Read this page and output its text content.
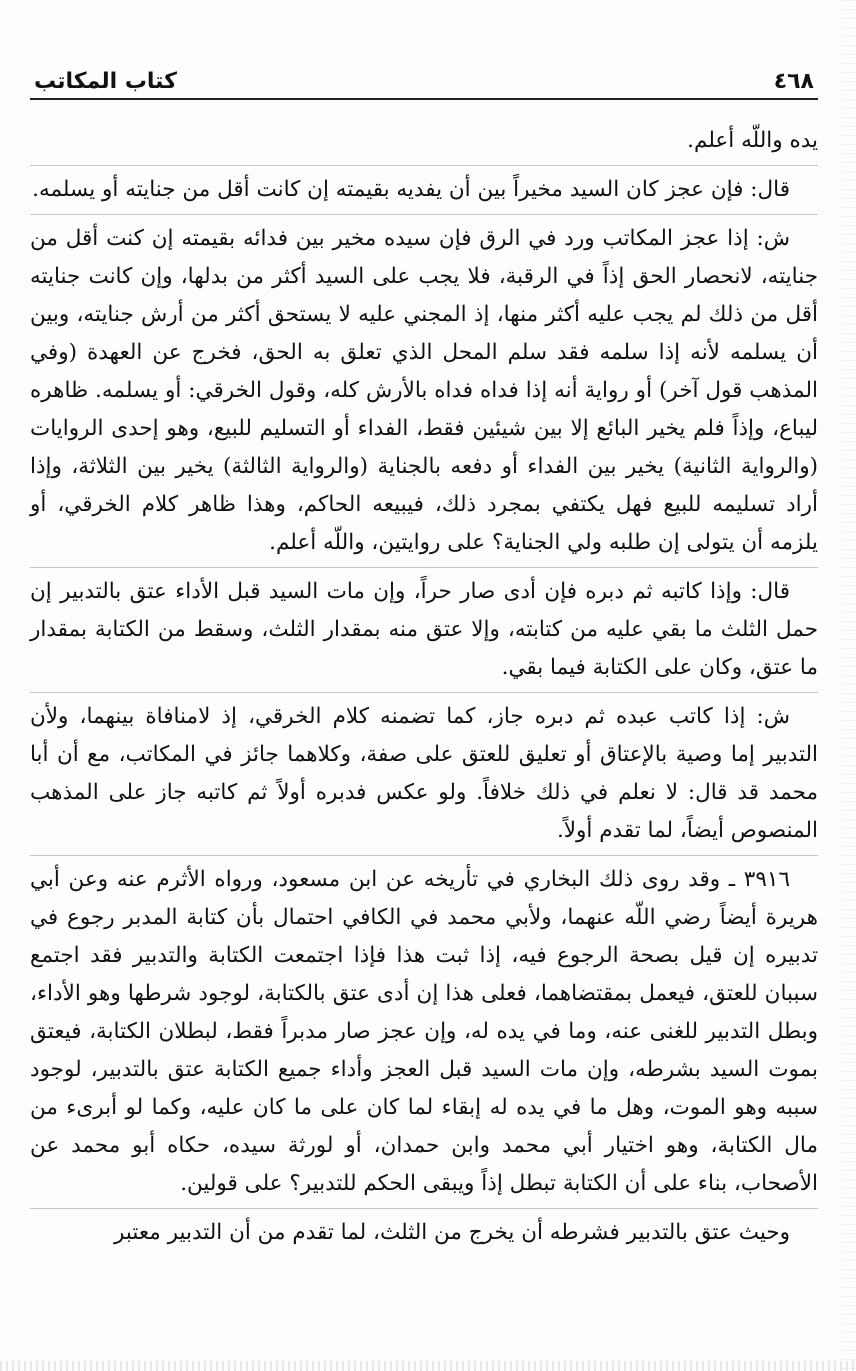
٤٦٨
كتاب المكاتب

يده واللّه أعلم.

قال: فإن عجز كان السيد مخيراً بين أن يفديه بقيمته إن كانت أقل من جنايته أو يسلمه.

ش: إذا عجز المكاتب ورد في الرق فإن سيده مخير بين فدائه بقيمته إن كنت أقل من جنايته، لانحصار الحق إذاً في الرقبة، فلا يجب على السيد أكثر من بدلها، وإن كانت جنايته أقل من ذلك لم يجب عليه أكثر منها، إذ المجني عليه لا يستحق أكثر من أرش جنايته، وبين أن يسلمه لأنه إذا سلمه فقد سلم المحل الذي تعلق به الحق، فخرج عن العهدة (وفي المذهب قول آخر) أو رواية أنه إذا فداه فداه بالأرش كله، وقول الخرقي: أو يسلمه. ظاهره ليباع، وإذاً فلم يخير البائع إلا بين شيئين فقط، الفداء أو التسليم للبيع، وهو إحدى الروايات (والرواية الثانية) يخير بين الفداء أو دفعه بالجناية (والرواية الثالثة) يخير بين الثلاثة، وإذا أراد تسليمه للبيع فهل يكتفي بمجرد ذلك، فيبيعه الحاكم، وهذا ظاهر كلام الخرقي، أو يلزمه أن يتولى إن طلبه ولي الجناية؟ على روايتين، واللّه أعلم.

قال: وإذا كاتبه ثم دبره فإن أدى صار حراً، وإن مات السيد قبل الأداء عتق بالتدبير إن حمل الثلث ما بقي عليه من كتابته، وإلا عتق منه بمقدار الثلث، وسقط من الكتابة بمقدار ما عتق، وكان على الكتابة فيما بقي.

ش: إذا كاتب عبده ثم دبره جاز، كما تضمنه كلام الخرقي، إذ لامنافاة بينهما، ولأن التدبير إما وصية بالإعتاق أو تعليق للعتق على صفة، وكلاهما جائز في المكاتب، مع أن أبا محمد قد قال: لا نعلم في ذلك خلافاً. ولو عكس فدبره أولاً ثم كاتبه جاز على المذهب المنصوص أيضاً، لما تقدم أولاً.

٣٩١٦ ـ وقد روى ذلك البخاري في تأريخه عن ابن مسعود، ورواه الأثرم عنه وعن أبي هريرة أيضاً رضي اللّه عنهما، ولأبي محمد في الكافي احتمال بأن كتابة المدبر رجوع في تدبيره إن قيل بصحة الرجوع فيه، إذا ثبت هذا فإذا اجتمعت الكتابة والتدبير فقد اجتمع سببان للعتق، فيعمل بمقتضاهما، فعلى هذا إن أدى عتق بالكتابة، لوجود شرطها وهو الأداء، وبطل التدبير للغنى عنه، وما في يده له، وإن عجز صار مدبراً فقط، لبطلان الكتابة، فيعتق بموت السيد بشرطه، وإن مات السيد قبل العجز وأداء جميع الكتابة عتق بالتدبير، لوجود سببه وهو الموت، وهل ما في يده له إبقاء لما كان على ما كان عليه، وكما لو أبرىء من مال الكتابة، وهو اختيار أبي محمد وابن حمدان، أو لورثة سيده، حكاه أبو محمد عن الأصحاب، بناء على أن الكتابة تبطل إذاً ويبقى الحكم للتدبير؟ على قولين.

وحيث عتق بالتدبير فشرطه أن يخرج من الثلث، لما تقدم من أن التدبير معتبر
